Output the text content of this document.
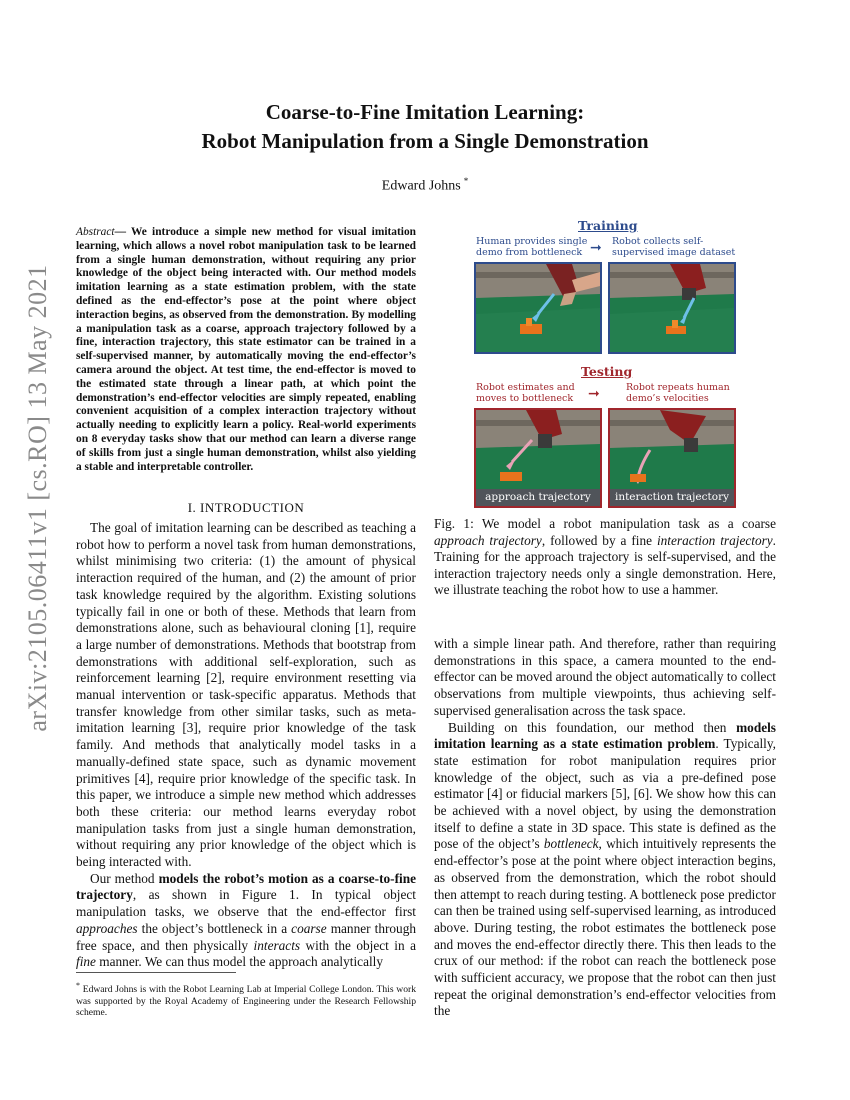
Coarse-to-Fine Imitation Learning:
Robot Manipulation from a Single Demonstration
Edward Johns *
arXiv:2105.06411v1 [cs.RO] 13 May 2021
Abstract— We introduce a simple new method for visual imitation learning, which allows a novel robot manipulation task to be learned from a single human demonstration, without requiring any prior knowledge of the object being interacted with. Our method models imitation learning as a state estimation problem, with the state defined as the end-effector’s pose at the point where object interaction begins, as observed from the demonstration. By modelling a manipulation task as a coarse, approach trajectory followed by a fine, interaction trajectory, this state estimator can be trained in a self-supervised manner, by automatically moving the end-effector’s camera around the object. At test time, the end-effector is moved to the estimated state through a linear path, at which point the demonstration’s end-effector velocities are simply repeated, enabling convenient acquisition of a complex interaction trajectory without actually needing to explicitly learn a policy. Real-world experiments on 8 everyday tasks show that our method can learn a diverse range of skills from just a single human demonstration, whilst also yielding a stable and interpretable controller.
I. INTRODUCTION

The goal of imitation learning can be described as teaching a robot how to perform a novel task from human demonstrations, whilst minimising two criteria: (1) the amount of physical interaction required of the human, and (2) the amount of prior task knowledge required by the algorithm. Existing solutions typically fail in one or both of these. Methods that learn from demonstrations alone, such as behavioural cloning [1], require a large number of demonstrations. Methods that bootstrap from demonstrations with additional self-exploration, such as reinforcement learning [2], require environment resetting via manual intervention or task-specific apparatus. Methods that transfer knowledge from other similar tasks, such as meta-imitation learning [3], require prior knowledge of the task family. And methods that analytically model tasks in a manually-defined state space, such as dynamic movement primitives [4], require prior knowledge of the specific task. In this paper, we introduce a simple new method which addresses both these criteria: our method learns everyday robot manipulation tasks from just a single human demonstration, without requiring any prior knowledge of the object which is being interacted with.

Our method models the robot’s motion as a coarse-to-fine trajectory, as shown in Figure 1. In typical object manipulation tasks, we observe that the end-effector first approaches the object’s bottleneck in a coarse manner through free space, and then physically interacts with the object in a fine manner. We can thus model the approach analytically

* Edward Johns is with the Robot Learning Lab at Imperial College London. This work was supported by the Royal Academy of Engineering under the Research Fellowship scheme.
Training
Human provides single demo from bottleneck ➞ Robot collects self-supervised image dataset
Testing
Robot estimates and moves to bottleneck	➞	Robot repeats human demo’s velocities
approach trajectory	interaction trajectory
Fig. 1: We model a robot manipulation task as a coarse approach trajectory, followed by a fine interaction trajectory. Training for the approach trajectory is self-supervised, and the interaction trajectory needs only a single demonstration. Here, we illustrate teaching the robot how to use a hammer.

with a simple linear path. And therefore, rather than requiring demonstrations in this space, a camera mounted to the end-effector can be moved around the object automatically to collect observations from multiple viewpoints, thus achieving self-supervised generalisation across the task space.

Building on this foundation, our method then models imitation learning as a state estimation problem. Typically, state estimation for robot manipulation requires prior knowledge of the object, such as via a pre-defined pose estimator [4] or fiducial markers [5], [6]. We show how this can be achieved with a novel object, by using the demonstration itself to define a state in 3D space. This state is defined as the pose of the object’s bottleneck, which intuitively represents the end-effector’s pose at the point where object interaction begins, as observed from the demonstration, which the robot should then attempt to reach during testing. A bottleneck pose predictor can then be trained using self-supervised learning, as introduced above. During testing, the robot estimates the bottleneck pose and moves the end-effector directly there. This then leads to the crux of our method: if the robot can reach the bottleneck pose with sufficient accuracy, we propose that the robot can then just repeat the original demonstration’s end-effector velocities from the
